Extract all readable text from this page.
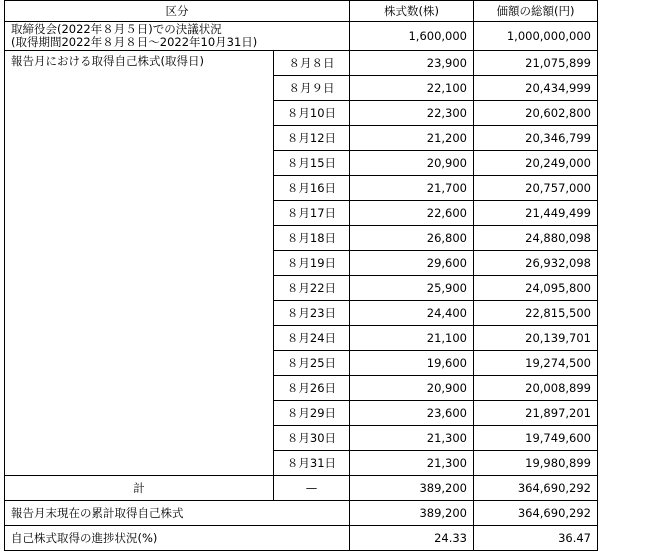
区分		株式数(株)	価額の総額(円)

取締役会(2022年８月５日)での決議状況
(取得期間2022年８月８日～2022年10月31日)		1,600,000	1,000,000,000
報告月における取得自己株式(取得日)	８月８日	23,900	21,075,899
	８月９日	22,100	20,434,999
	８月10日	22,300	20,602,800
	８月12日	21,200	20,346,799
	８月15日	20,900	20,249,000
	８月16日	21,700	20,757,000
	８月17日	22,600	21,449,499
	８月18日	26,800	24,880,098
	８月19日	29,600	26,932,098
	８月22日	25,900	24,095,800
	８月23日	24,400	22,815,500
	８月24日	21,100	20,139,701
	８月25日	19,600	19,274,500
	８月26日	20,900	20,008,899
	８月29日	23,600	21,897,201
	８月30日	21,300	19,749,600
	８月31日	21,300	19,980,899
計	—	389,200	364,690,292
報告月末現在の累計取得自己株式		389,200	364,690,292
自己株式取得の進捗状況(%)		24.33	36.47
